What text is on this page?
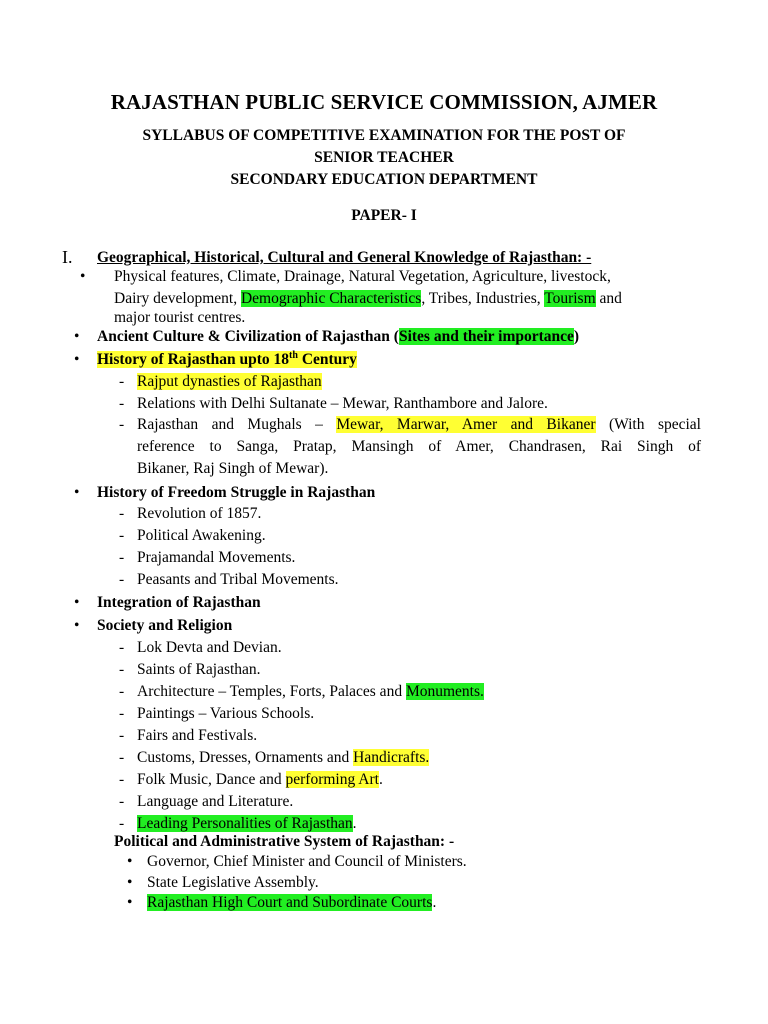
RAJASTHAN PUBLIC SERVICE COMMISSION, AJMER
SYLLABUS OF COMPETITIVE EXAMINATION FOR THE POST OF
SENIOR TEACHER
SECONDARY EDUCATION DEPARTMENT
PAPER- I
I. Geographical, Historical, Cultural and General Knowledge of Rajasthan: -
• Physical features, Climate, Drainage, Natural Vegetation, Agriculture, livestock,
Dairy development, Demographic Characteristics, Tribes, Industries, Tourism and
major tourist centres.
• Ancient Culture & Civilization of Rajasthan (Sites and their importance)
• History of Rajasthan upto 18th Century
- Rajput dynasties of Rajasthan
- Relations with Delhi Sultanate – Mewar, Ranthambore and Jalore.
- Rajasthan and Mughals – Mewar, Marwar, Amer and Bikaner (With special
reference to Sanga, Pratap, Mansingh of Amer, Chandrasen, Rai Singh of
Bikaner, Raj Singh of Mewar).
• History of Freedom Struggle in Rajasthan
- Revolution of 1857.
- Political Awakening.
- Prajamandal Movements.
- Peasants and Tribal Movements.
• Integration of Rajasthan
• Society and Religion
- Lok Devta and Devian.
- Saints of Rajasthan.
- Architecture – Temples, Forts, Palaces and Monuments.
- Paintings – Various Schools.
- Fairs and Festivals.
- Customs, Dresses, Ornaments and Handicrafts.
- Folk Music, Dance and performing Art.
- Language and Literature.
- Leading Personalities of Rajasthan.
Political and Administrative System of Rajasthan: -
• Governor, Chief Minister and Council of Ministers.
• State Legislative Assembly.
• Rajasthan High Court and Subordinate Courts.
